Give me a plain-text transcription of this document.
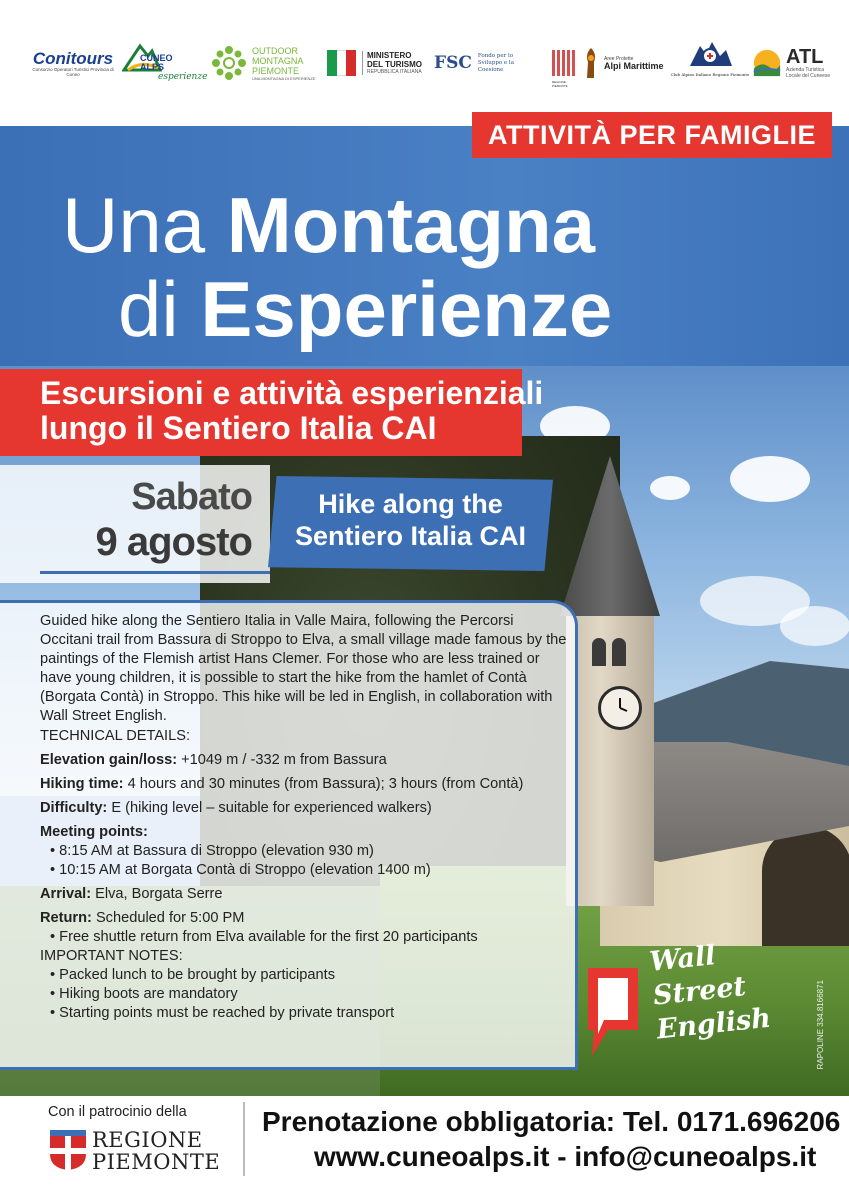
Conitours
Consorzio Operatori Turistici Provincia di Cuneo
CUNEO ALPS
esperienze
OUTDOOR MONTAGNA PIEMONTE
UNA MONTAGNA DI ESPERIENZE
MINISTERO DEL TURISMO
REPUBBLICA ITALIANA FSC Fondo per lo Sviluppo e la Coesione
REGIONE PIEMONTE
Aree Protette
Alpi Marittime
Club Alpino Italiano Regione Piemonte
ATL
Azienda Turistica Locale del Cuneese
ATTIVITÀ PER FAMIGLIE
Una Montagna
di Esperienze
Escursioni e attività esperienziali
lungo il Sentiero Italia CAI
Sabato
9 agosto
Hike along the
Sentiero Italia CAI

Guided hike along the Sentiero Italia in Valle Maira, following the Percorsi Occitani trail from Bassura di Stroppo to Elva, a small village made famous by the paintings of the Flemish artist Hans Clemer. For those who are less trained or have young children, it is possible to start the hike from the hamlet of Contà (Borgata Contà) in Stroppo. This hike will be led in English, in collaboration with Wall Street English.

TECHNICAL DETAILS:

Elevation gain/loss: +1049 m / -332 m from Bassura

Hiking time: 4 hours and 30 minutes (from Bassura); 3 hours (from Contà)

Difficulty: E (hiking level – suitable for experienced walkers)

Meeting points:

• 8:15 AM at Bassura di Stroppo (elevation 930 m)

• 10:15 AM at Borgata Contà di Stroppo (elevation 1400 m)

Arrival: Elva, Borgata Serre

Return: Scheduled for 5:00 PM

• Free shuttle return from Elva available for the first 20 participants

IMPORTANT NOTES:

• Packed lunch to be brought by participants

• Hiking boots are mandatory

• Starting points must be reached by private transport

Wall
Street
English	RAPOLINE 334.8166871
Con il patrocinio della
REGIONE
PIEMONTE
Prenotazione obbligatoria: Tel. 0171.696206
www.cuneoalps.it - info@cuneoalps.it
